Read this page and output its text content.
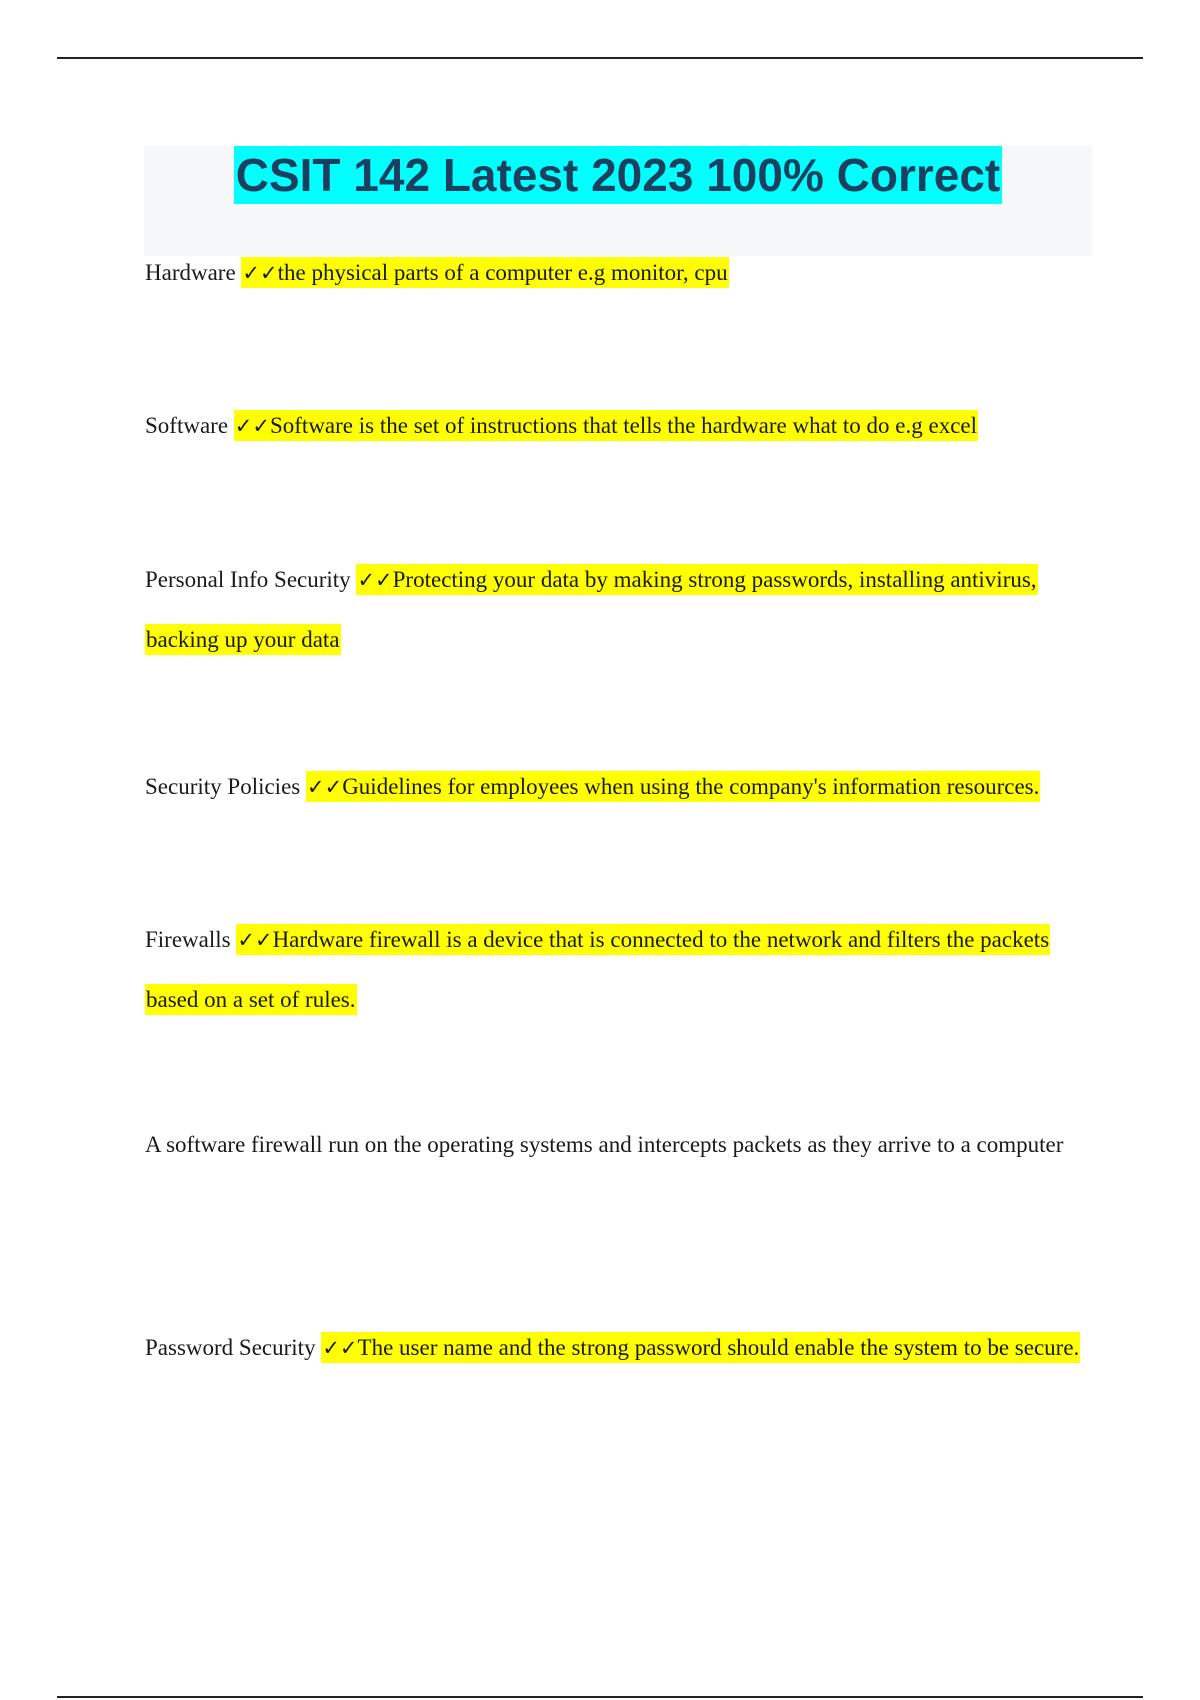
CSIT 142 Latest 2023 100% Correct
Hardware ✓✓the physical parts of a computer e.g monitor, cpu
Software ✓✓Software is the set of instructions that tells the hardware what to do e.g excel
Personal Info Security ✓✓Protecting your data by making strong passwords, installing antivirus, backing up your data
Security Policies ✓✓Guidelines for employees when using the company's information resources.
Firewalls ✓✓Hardware firewall is a device that is connected to the network and filters the packets based on a set of rules.
A software firewall run on the operating systems and intercepts packets as they arrive to a computer
Password Security ✓✓The user name and the strong password should enable the system to be secure.
